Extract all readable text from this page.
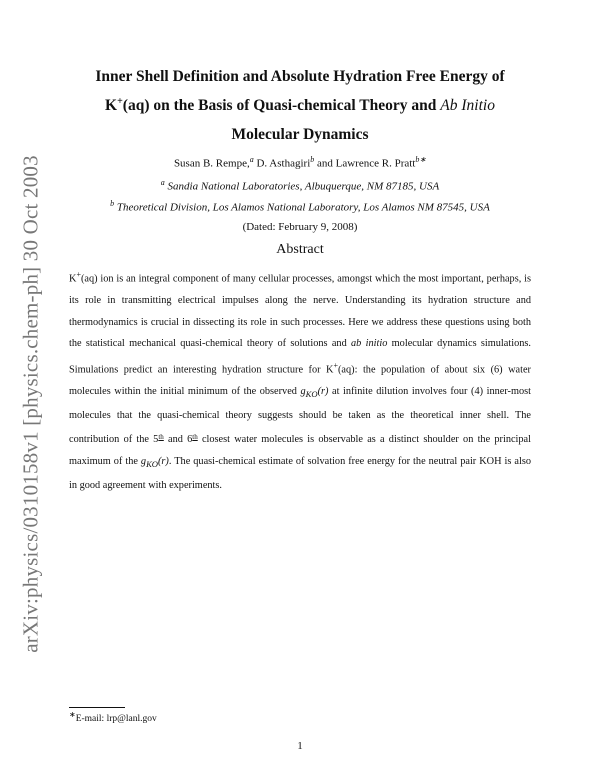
arXiv:physics/0310158v1 [physics.chem-ph] 30 Oct 2003
Inner Shell Definition and Absolute Hydration Free Energy of
K+(aq) on the Basis of Quasi-chemical Theory and Ab Initio
Molecular Dynamics
Susan B. Rempe,$^a$ D. Asthagiri$^b$ and Lawrence R. Pratt$^{b∗}$
$^a$ Sandia National Laboratories, Albuquerque, NM 87185, USA
$^b$ Theoretical Division, Los Alamos National Laboratory, Los Alamos NM 87545, USA
(Dated: February 9, 2008)
Abstract
K+(aq) ion is an integral component of many cellular processes, amongst which the most important, perhaps, is its role in transmitting electrical impulses along the nerve. Understanding its hydration structure and thermodynamics is crucial in dissecting its role in such processes. Here we address these questions using both the statistical mechanical quasi-chemical theory of solutions and ab initio molecular dynamics simulations. Simulations predict an interesting hydration structure for K+(aq): the population of about six (6) water molecules within the initial minimum of the observed $g_{KO}(r)$ at infinite dilution involves four (4) inner-most molecules that the quasi-chemical theory suggests should be taken as the theoretical inner shell. The contribution of the 5th and 6th closest water molecules is observable as a distinct shoulder on the principal maximum of the $g_{KO}(r)$. The quasi-chemical estimate of solvation free energy for the neutral pair KOH is also in good agreement with experiments.
∗E-mail: lrp@lanl.gov
1
